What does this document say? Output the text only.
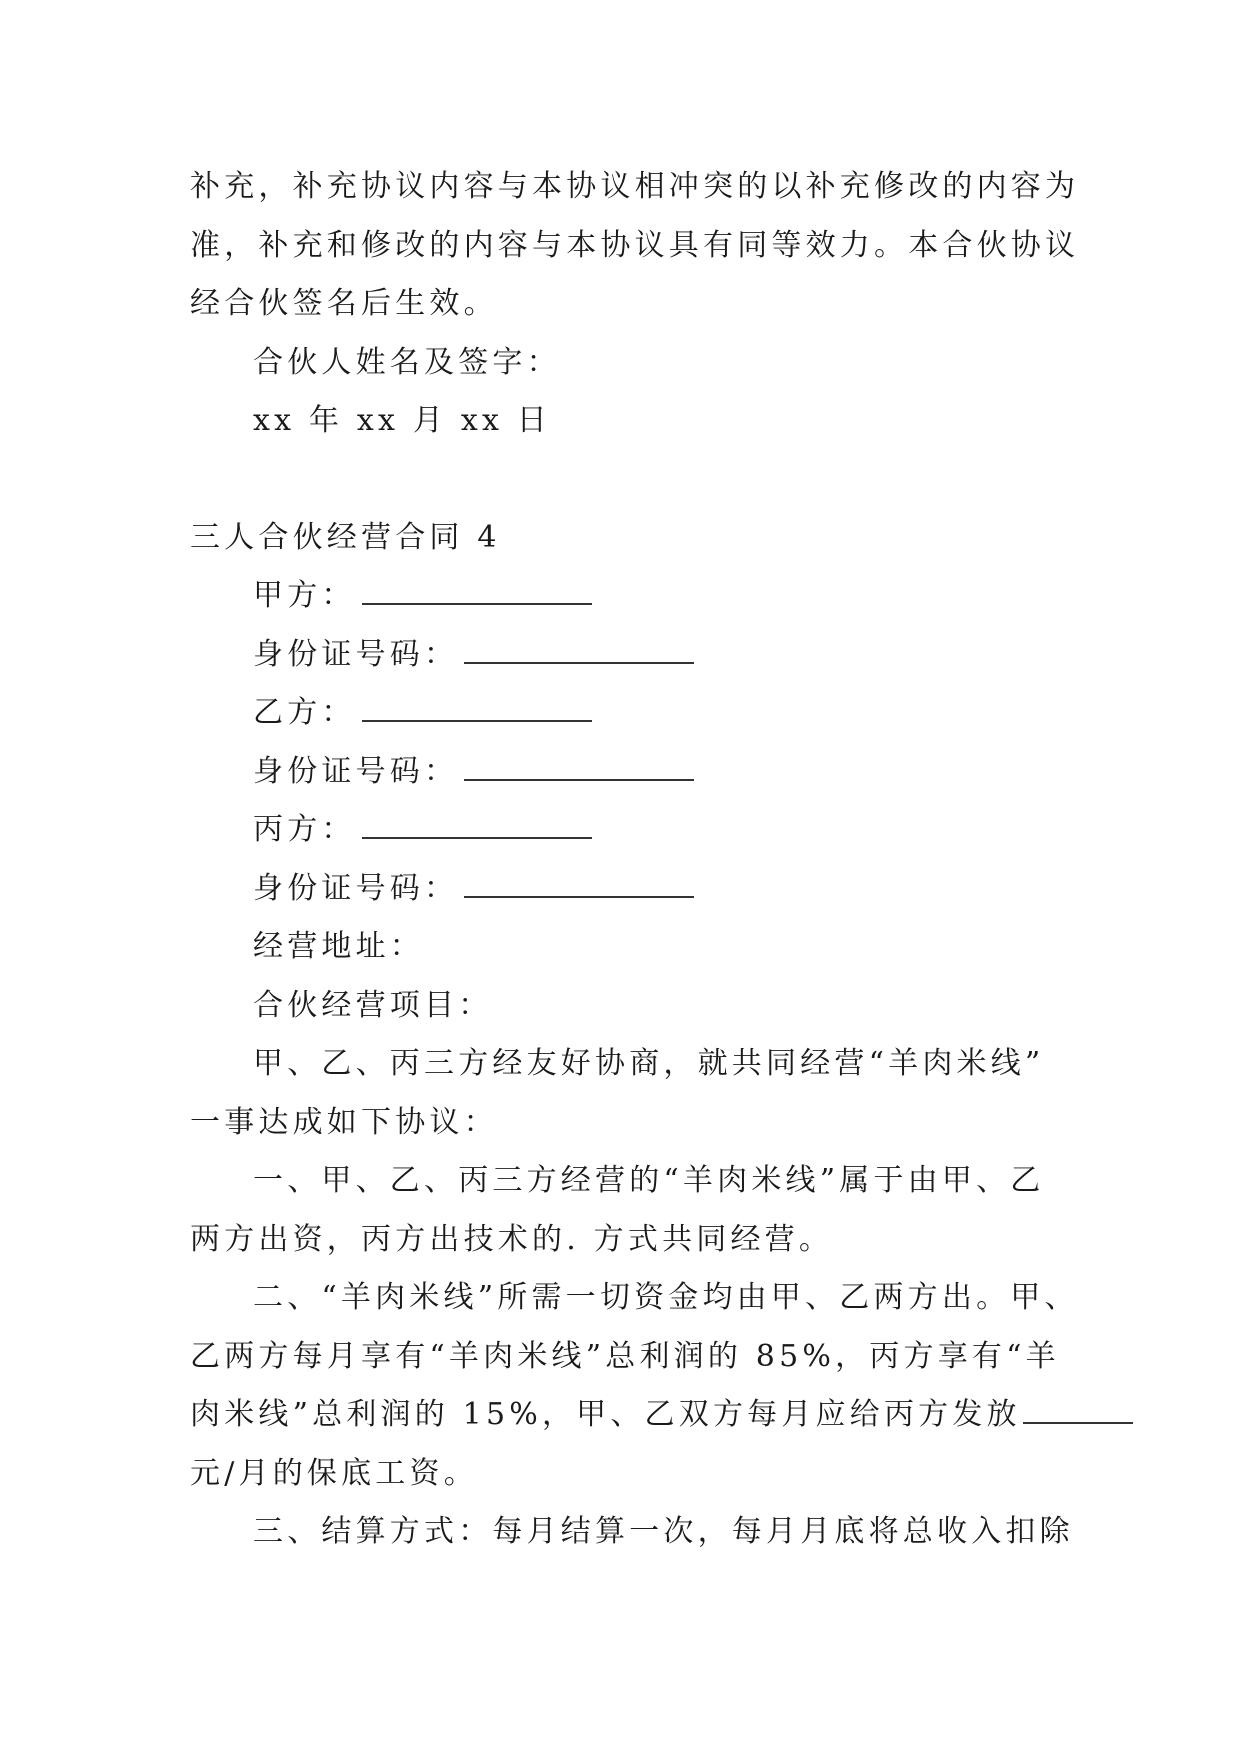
补充，补充协议内容与本协议相冲突的以补充修改的内容为
准，补充和修改的内容与本协议具有同等效力。本合伙协议
经合伙签名后生效。
合伙人姓名及签字：
xx 年 xx 月 xx 日
三人合伙经营合同 4
甲方：
身份证号码：
乙方：
身份证号码：
丙方：
身份证号码：
经营地址：
合伙经营项目：
甲、乙、丙三方经友好协商，就共同经营“羊肉米线”
一事达成如下协议：
一、甲、乙、丙三方经营的“羊肉米线”属于由甲、乙
两方出资，丙方出技术的. 方式共同经营。
二、“羊肉米线”所需一切资金均由甲、乙两方出。甲、
乙两方每月享有“羊肉米线”总利润的 85%，丙方享有“羊
肉米线”总利润的 15%，甲、乙双方每月应给丙方发放
元/月的保底工资。
三、结算方式：每月结算一次，每月月底将总收入扣除
